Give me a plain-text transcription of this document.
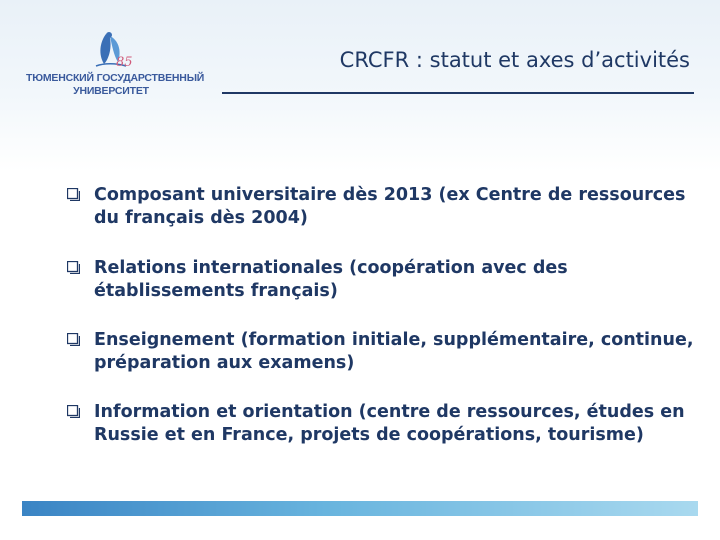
85
ТЮМЕНСКИЙ ГОСУДАРСТВЕННЫЙ
УНИВЕРСИТЕТ
CRCFR : statut et axes d’activités
Composant universitaire dès 2013 (ex Centre de ressources du français dès 2004)
Relations internationales (coopération avec des établissements français)
Enseignement (formation initiale, supplémentaire, continue, préparation aux examens)
Information et orientation (centre de ressources, études en Russie et en France, projets de coopérations, tourisme)
